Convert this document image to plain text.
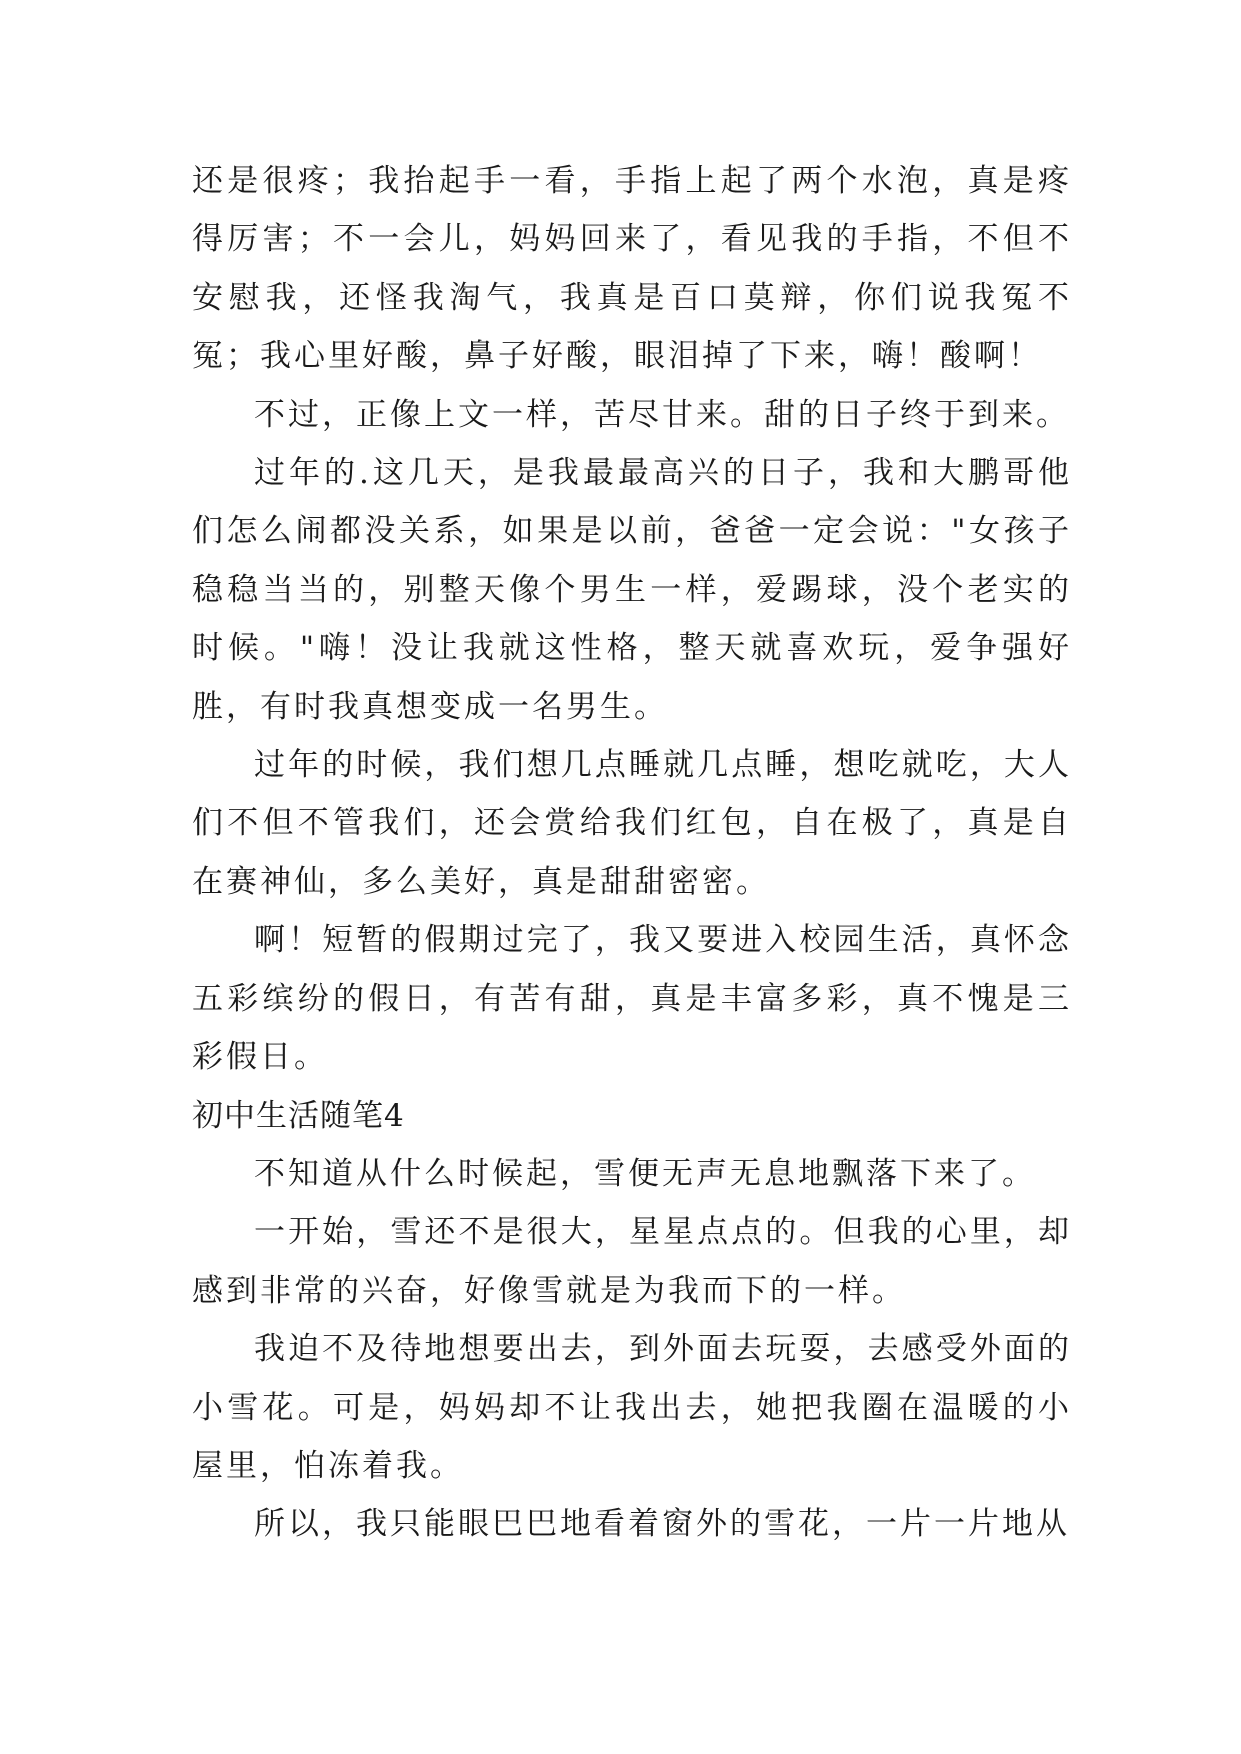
还是很疼；我抬起手一看，手指上起了两个水泡，真是疼得厉害；不一会儿，妈妈回来了，看见我的手指，不但不安慰我，还怪我淘气，我真是百口莫辩，你们说我冤不冤；我心里好酸，鼻子好酸，眼泪掉了下来，嗨！酸啊！

不过，正像上文一样，苦尽甘来。甜的日子终于到来。

过年的.这几天，是我最最高兴的日子，我和大鹏哥他们怎么闹都没关系，如果是以前，爸爸一定会说："女孩子稳稳当当的，别整天像个男生一样，爱踢球，没个老实的时候。"嗨！没让我就这性格，整天就喜欢玩，爱争强好胜，有时我真想变成一名男生。

过年的时候，我们想几点睡就几点睡，想吃就吃，大人们不但不管我们，还会赏给我们红包，自在极了，真是自在赛神仙，多么美好，真是甜甜密密。

啊！短暂的假期过完了，我又要进入校园生活，真怀念五彩缤纷的假日，有苦有甜，真是丰富多彩，真不愧是三彩假日。

初中生活随笔4

不知道从什么时候起，雪便无声无息地飘落下来了。

一开始，雪还不是很大，星星点点的。但我的心里，却感到非常的兴奋，好像雪就是为我而下的一样。

我迫不及待地想要出去，到外面去玩耍，去感受外面的小雪花。可是，妈妈却不让我出去，她把我圈在温暖的小屋里，怕冻着我。

所以，我只能眼巴巴地看着窗外的雪花，一片一片地从
